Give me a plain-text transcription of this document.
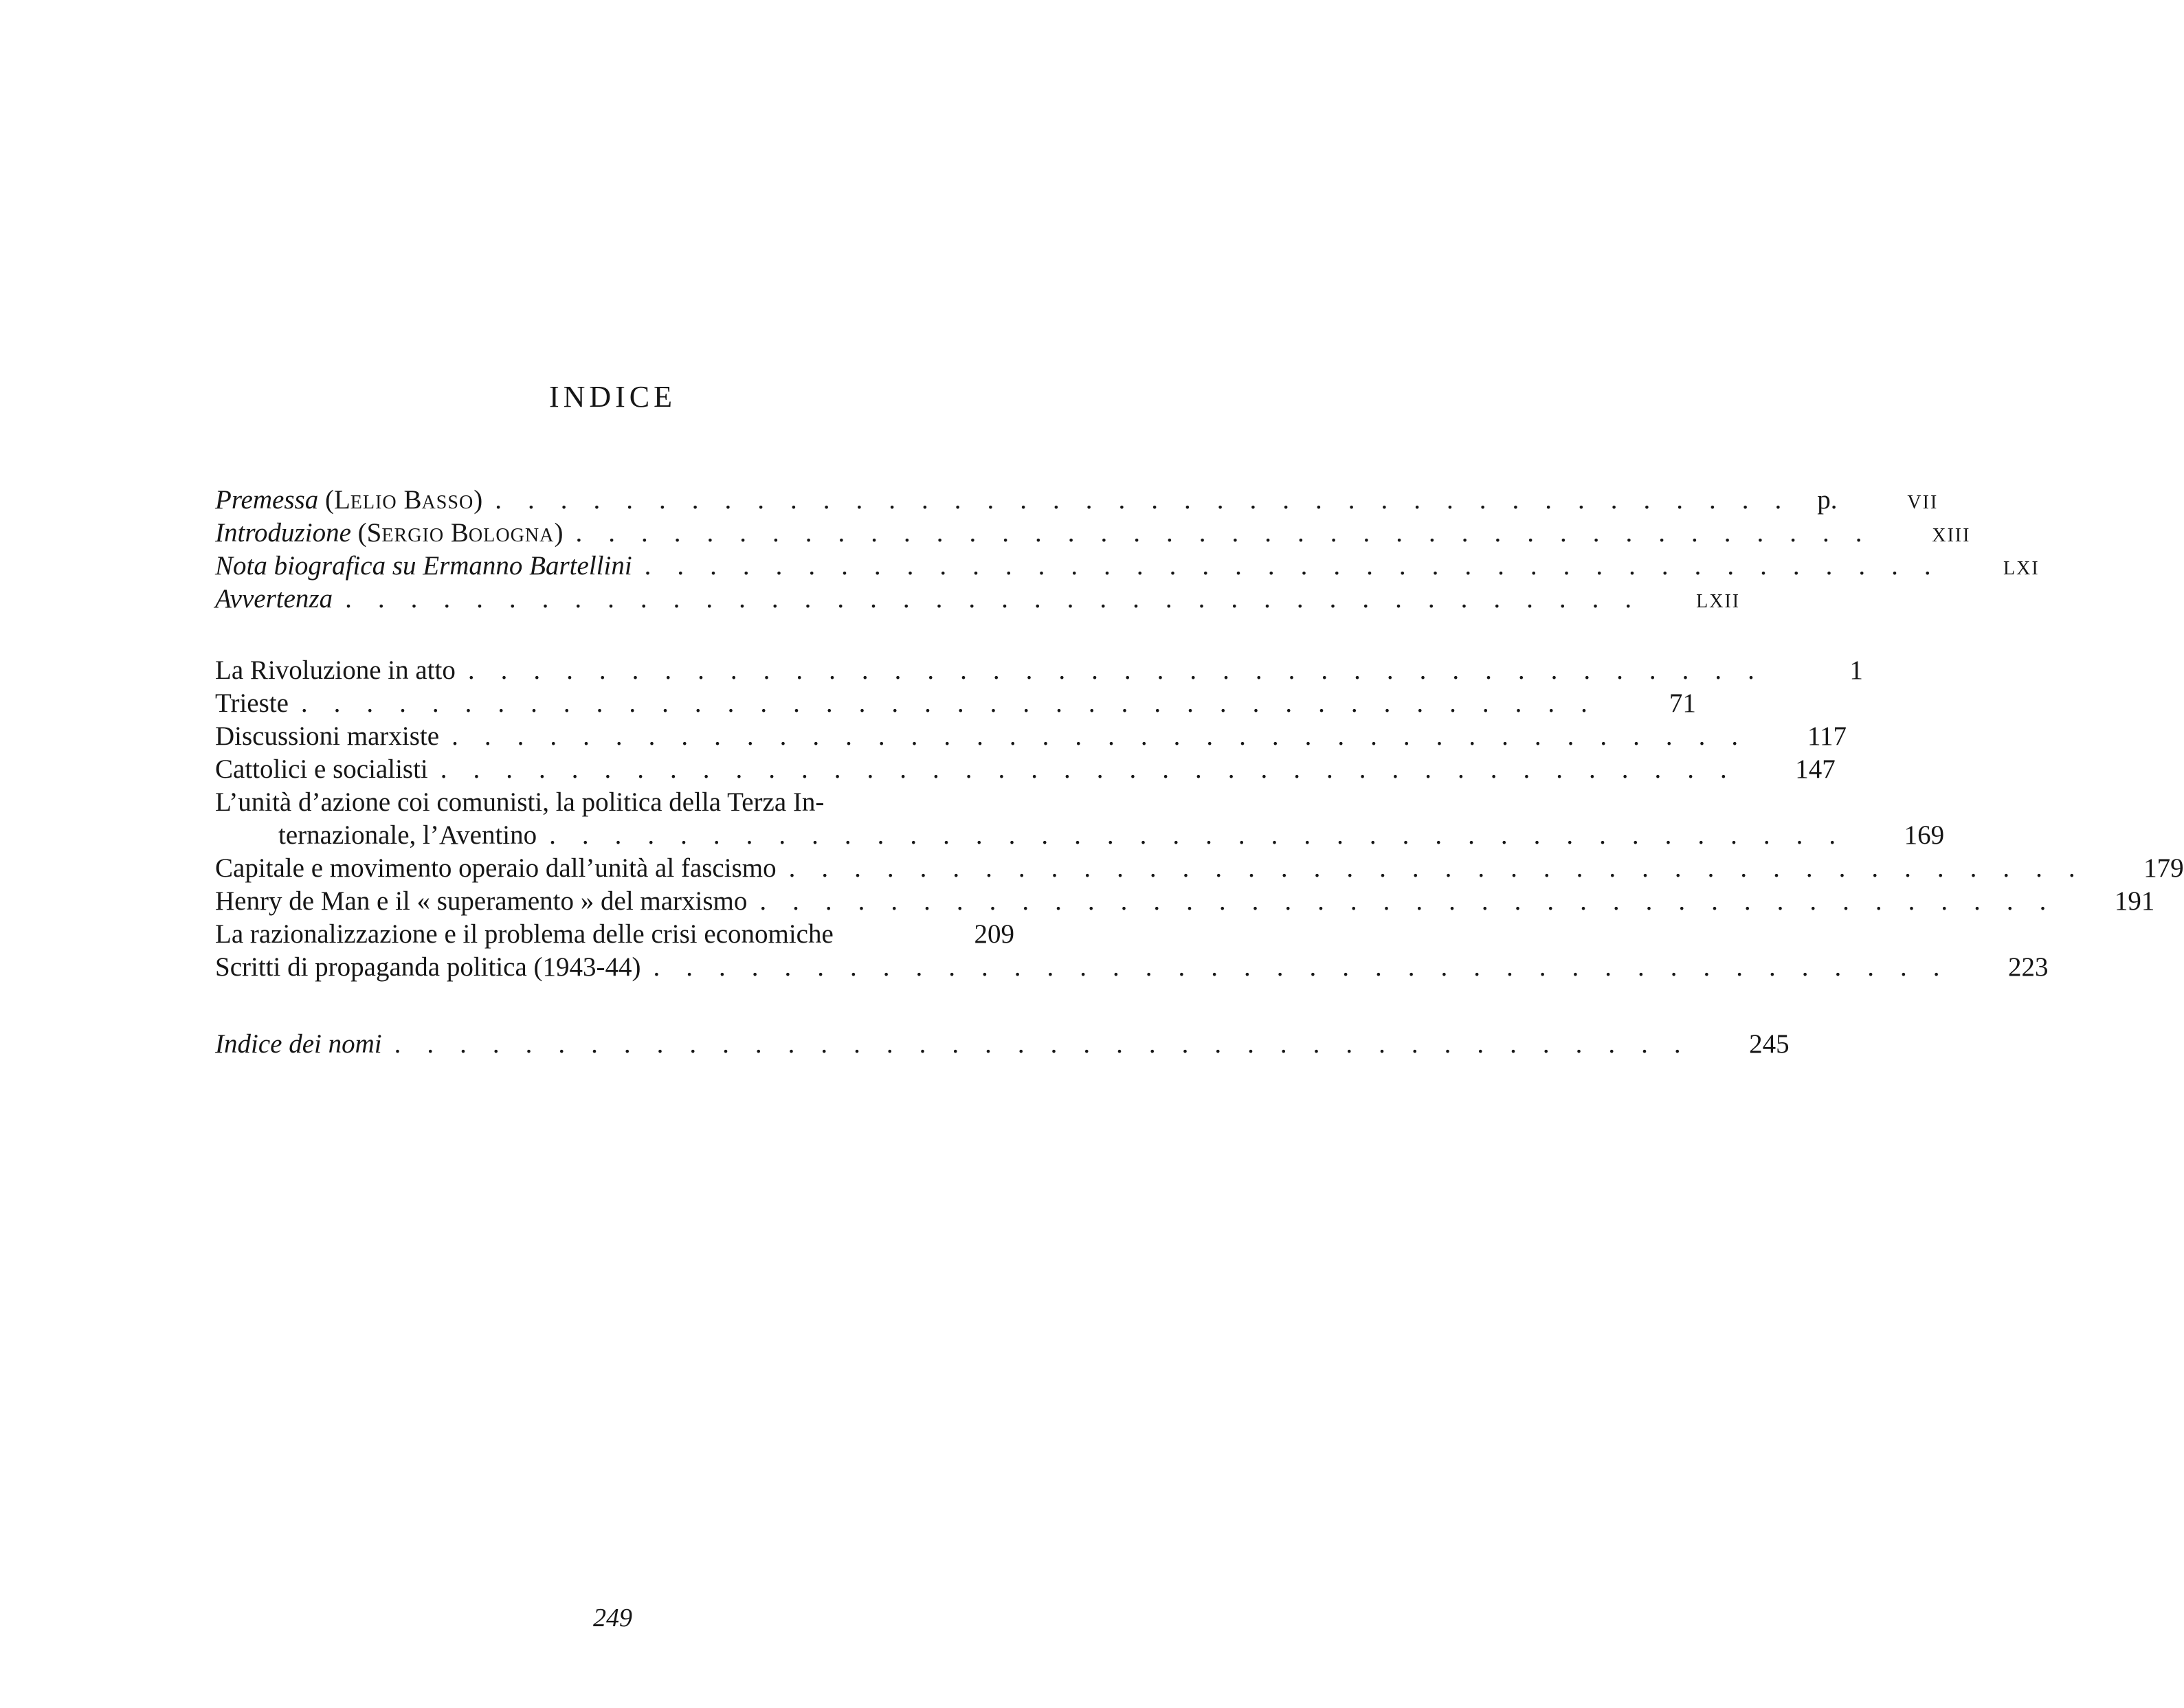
INDICE
Premessa (LELIO BASSO) ........................................ p.	VII
Introduzione (SERGIO BOLOGNA) ........................................	XIII
Nota biografica su Ermanno Bartellini ........................................	LXI
Avvertenza ........................................	LXII
La Rivoluzione in atto ........................................	1
Trieste ........................................	71
Discussioni marxiste ........................................	117
Cattolici e socialisti ........................................	147
L’unità d’azione coi comunisti, la politica della Terza In-
ternazionale, l’Aventino ........................................	169
Capitale e movimento operaio dall’unità al fascismo ........................................	179
Henry de Man e il « superamento » del marxismo ........................................	191
La razionalizzazione e il problema delle crisi economiche	209
Scritti di propaganda politica (1943-44) ........................................	223
Indice dei nomi ........................................	245
249
